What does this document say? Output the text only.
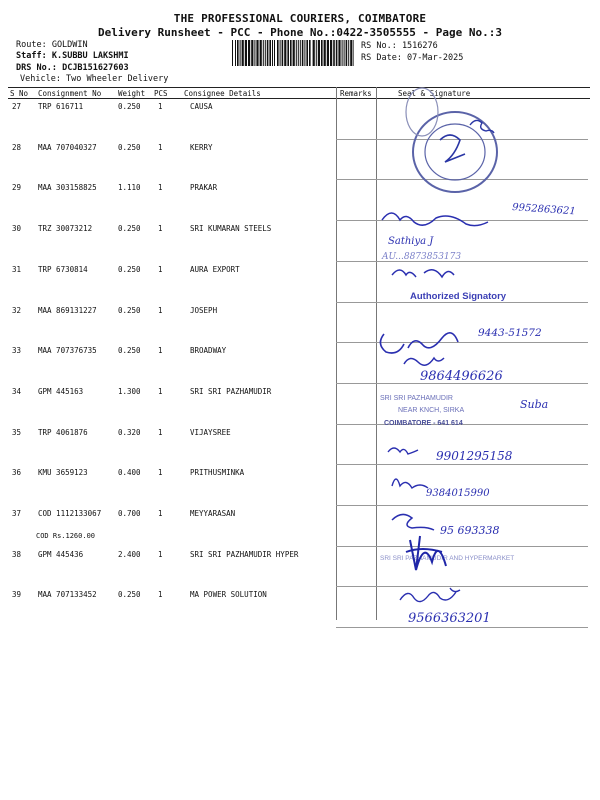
THE PROFESSIONAL COURIERS, COIMBATORE
Delivery Runsheet - PCC - Phone No.:0422-3505555 - Page No.:3
Route: GOLDWIN
Staff: K.SUBBU LAKSHMI
DRS No.: DCJB151627603
Vehicle: Two Wheeler Delivery
RS No.: 1516276
RS Date: 07-Mar-2025
S No Consignment No Weight PCS Consignee Details	Remarks	Seal & Signature
27 TRP 616711	0.250 1	CAUSA
28 MAA 707040327	0.250 1	KERRY
29 MAA 303158825	1.110 1	PRAKAR
30 TRZ 30073212	0.250 1	SRI KUMARAN STEELS
31 TRP 6730814	0.250 1	AURA EXPORT
32 MAA 869131227	0.250 1	JOSEPH
33 MAA 707376735	0.250 1	BROADWAY
34 GPM 445163	1.300 1	SRI SRI PAZHAMUDIR
35 TRP 4061876	0.320 1	VIJAYSREE
36 KMU 3659123	0.400 1	PRITHUSMINKA
37 COD 1112133067 0.700 1	MEYYARASAN
38 GPM 445436	2.400 1	SRI SRI PAZHAMUDIR HYPER
39 MAA 707133452	0.250 1	MA POWER SOLUTION
COD Rs.1260.00
9952863621
Sathiya J
AU...8873853173
Authorized Signatory
9443-51572
9864496626
SRI SRI PAZHAMUDIR
NEAR KNCH, SIRKA
COIMBATORE - 641 614
Suba
9901295158
9384015990
95 693338
SRI SRI PAZHAMUDIR AND HYPERMARKET
9566363201
